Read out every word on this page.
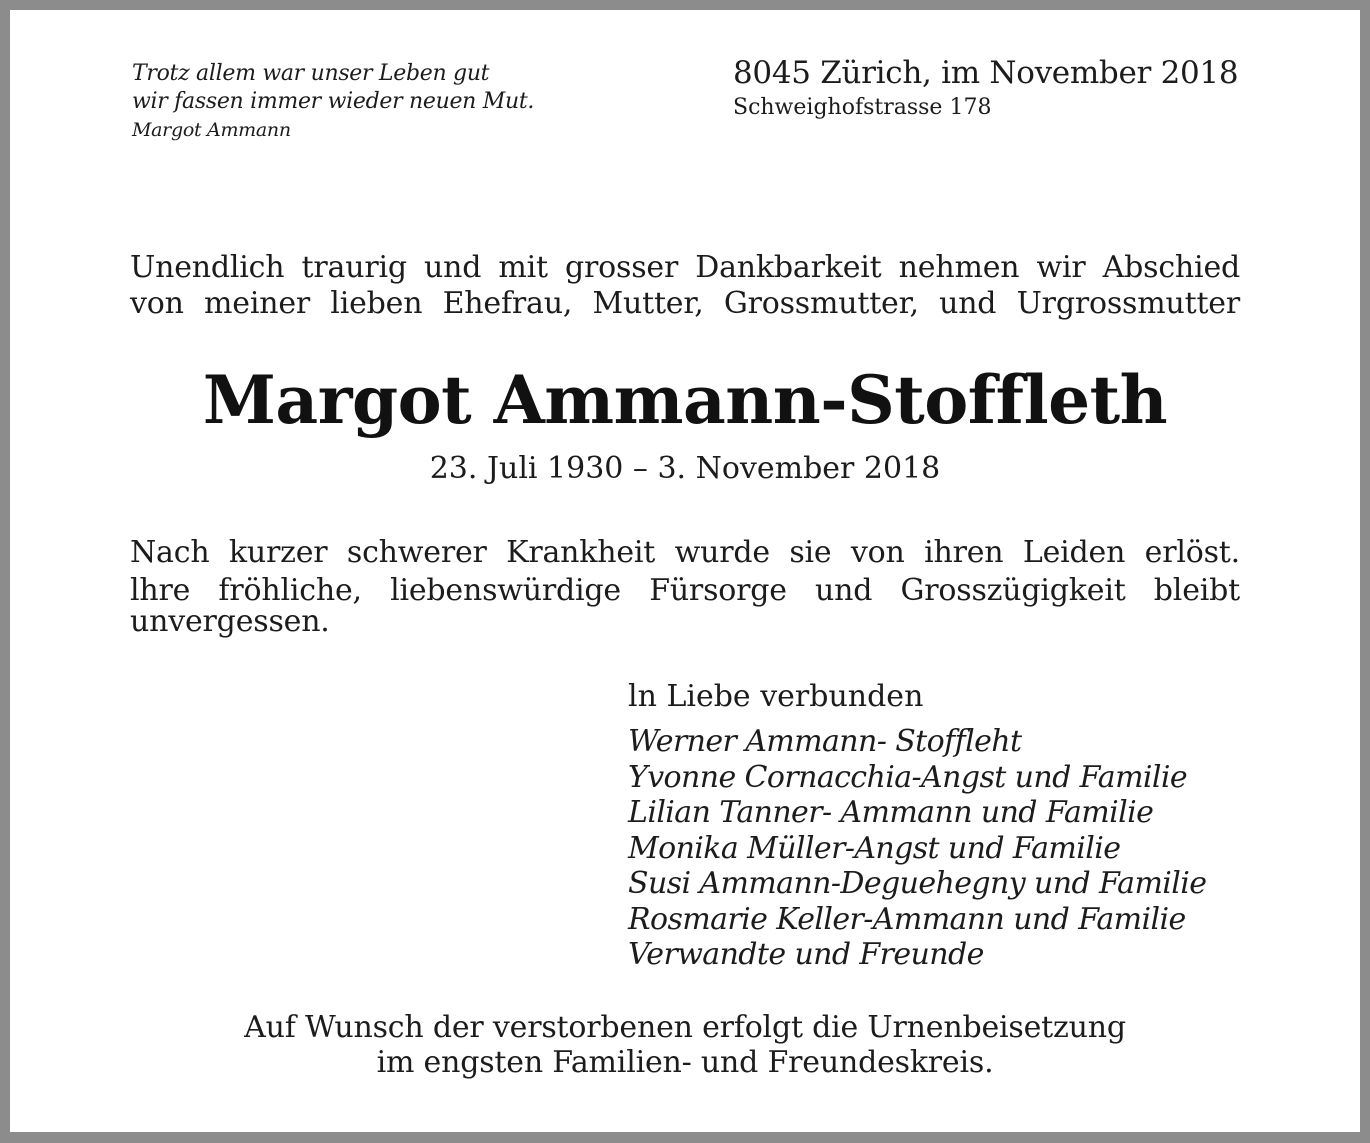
Trotz allem war unser Leben gut
wir fassen immer wieder neuen Mut.
Margot Ammann
8045 Zürich, im November 2018
Schweighofstrasse 178
Unendlich traurig und mit grosser Dankbarkeit nehmen wir Abschied
von meiner lieben Ehefrau, Mutter, Grossmutter, und Urgrossmutter
Margot Ammann-Stoffleth
23. Juli 1930 – 3. November 2018
Nach kurzer schwerer Krankheit wurde sie von ihren Leiden erlöst.
lhre fröhliche, liebenswürdige Fürsorge und Grosszügigkeit bleibt
unvergessen.
ln Liebe verbunden
Werner Ammann- Stoffleht
Yvonne Cornacchia-Angst und Familie
Lilian Tanner- Ammann und Familie
Monika Müller-Angst und Familie
Susi Ammann-Deguehegny und Familie
Rosmarie Keller-Ammann und Familie
Verwandte und Freunde
Auf Wunsch der verstorbenen erfolgt die Urnenbeisetzung
im engsten Familien- und Freundeskreis.
